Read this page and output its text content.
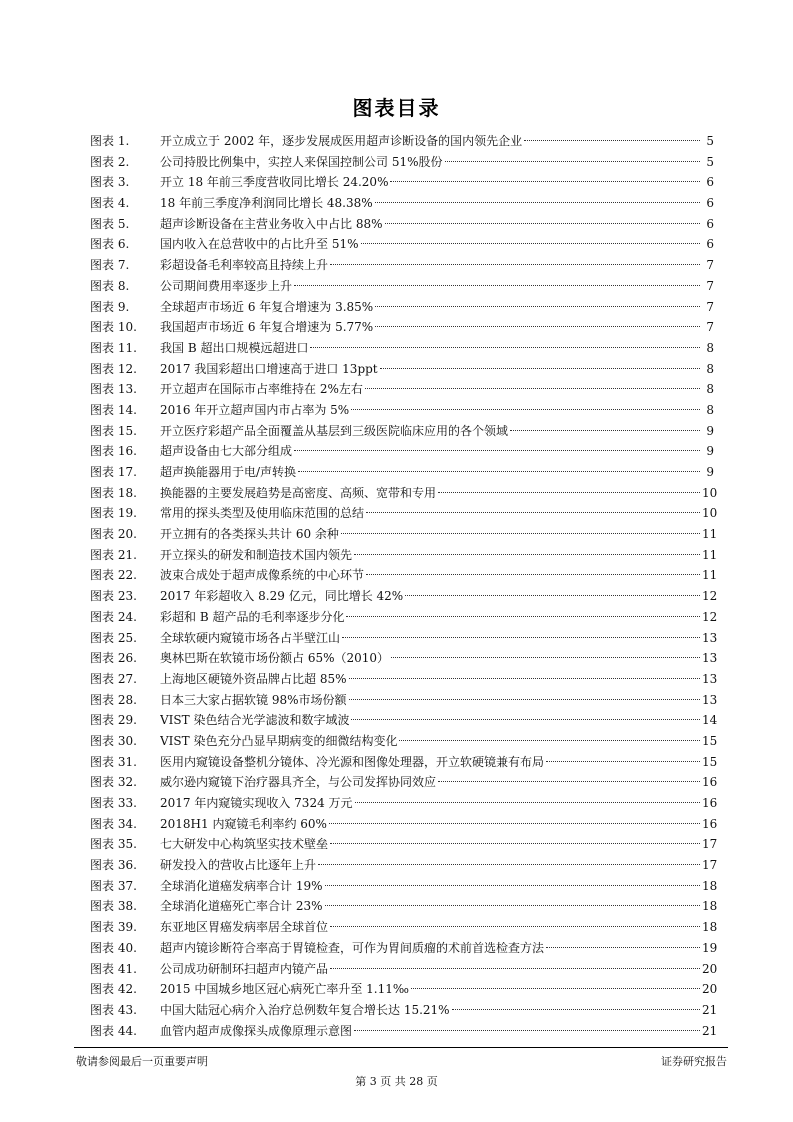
图表目录
图表 1.	开立成立于 2002 年，逐步发展成医用超声诊断设备的国内领先企业	5
图表 2.	公司持股比例集中，实控人来保国控制公司 51%股份	5
图表 3.	开立 18 年前三季度营收同比增长 24.20%	6
图表 4.	18 年前三季度净利润同比增长 48.38%	6
图表 5.	超声诊断设备在主营业务收入中占比 88%	6
图表 6.	国内收入在总营收中的占比升至 51%	6
图表 7.	彩超设备毛利率较高且持续上升	7
图表 8.	公司期间费用率逐步上升	7
图表 9.	全球超声市场近 6 年复合增速为 3.85%	7
图表 10.	我国超声市场近 6 年复合增速为 5.77%	7
图表 11.	我国 B 超出口规模远超进口	8
图表 12.	2017 我国彩超出口增速高于进口 13ppt	8
图表 13.	开立超声在国际市占率维持在 2%左右	8
图表 14.	2016 年开立超声国内市占率为 5%	8
图表 15.	开立医疗彩超产品全面覆盖从基层到三级医院临床应用的各个领域	9
图表 16.	超声设备由七大部分组成	9
图表 17.	超声换能器用于电/声转换	9
图表 18.	换能器的主要发展趋势是高密度、高频、宽带和专用	10
图表 19.	常用的探头类型及使用临床范围的总结	10
图表 20.	开立拥有的各类探头共计 60 余种	11
图表 21.	开立探头的研发和制造技术国内领先	11
图表 22.	波束合成处于超声成像系统的中心环节	11
图表 23.	2017 年彩超收入 8.29 亿元，同比增长 42%	12
图表 24.	彩超和 B 超产品的毛利率逐步分化	12
图表 25.	全球软硬内窥镜市场各占半壁江山	13
图表 26.	奥林巴斯在软镜市场份额占 65%（2010）	13
图表 27.	上海地区硬镜外资品牌占比超 85%	13
图表 28.	日本三大家占据软镜 98%市场份额	13
图表 29.	VIST 染色结合光学滤波和数字域波	14
图表 30.	VIST 染色充分凸显早期病变的细微结构变化	15
图表 31.	医用内窥镜设备整机分镜体、冷光源和图像处理器，开立软硬镜兼有布局	15
图表 32.	威尔逊内窥镜下治疗器具齐全，与公司发挥协同效应	16
图表 33.	2017 年内窥镜实现收入 7324 万元	16
图表 34.	2018H1 内窥镜毛利率约 60%	16
图表 35.	七大研发中心构筑坚实技术壁垒	17
图表 36.	研发投入的营收占比逐年上升	17
图表 37.	全球消化道癌发病率合计 19%	18
图表 38.	全球消化道癌死亡率合计 23%	18
图表 39.	东亚地区胃癌发病率居全球首位	18
图表 40.	超声内镜诊断符合率高于胃镜检查，可作为胃间质瘤的术前首选检查方法	19
图表 41.	公司成功研制环扫超声内镜产品	20
图表 42.	2015 中国城乡地区冠心病死亡率升至 1.11‰	20
图表 43.	中国大陆冠心病介入治疗总例数年复合增长达 15.21%	21
图表 44.	血管内超声成像探头成像原理示意图	21
敬请参阅最后一页重要声明	证券研究报告
第 3 页 共 28 页
